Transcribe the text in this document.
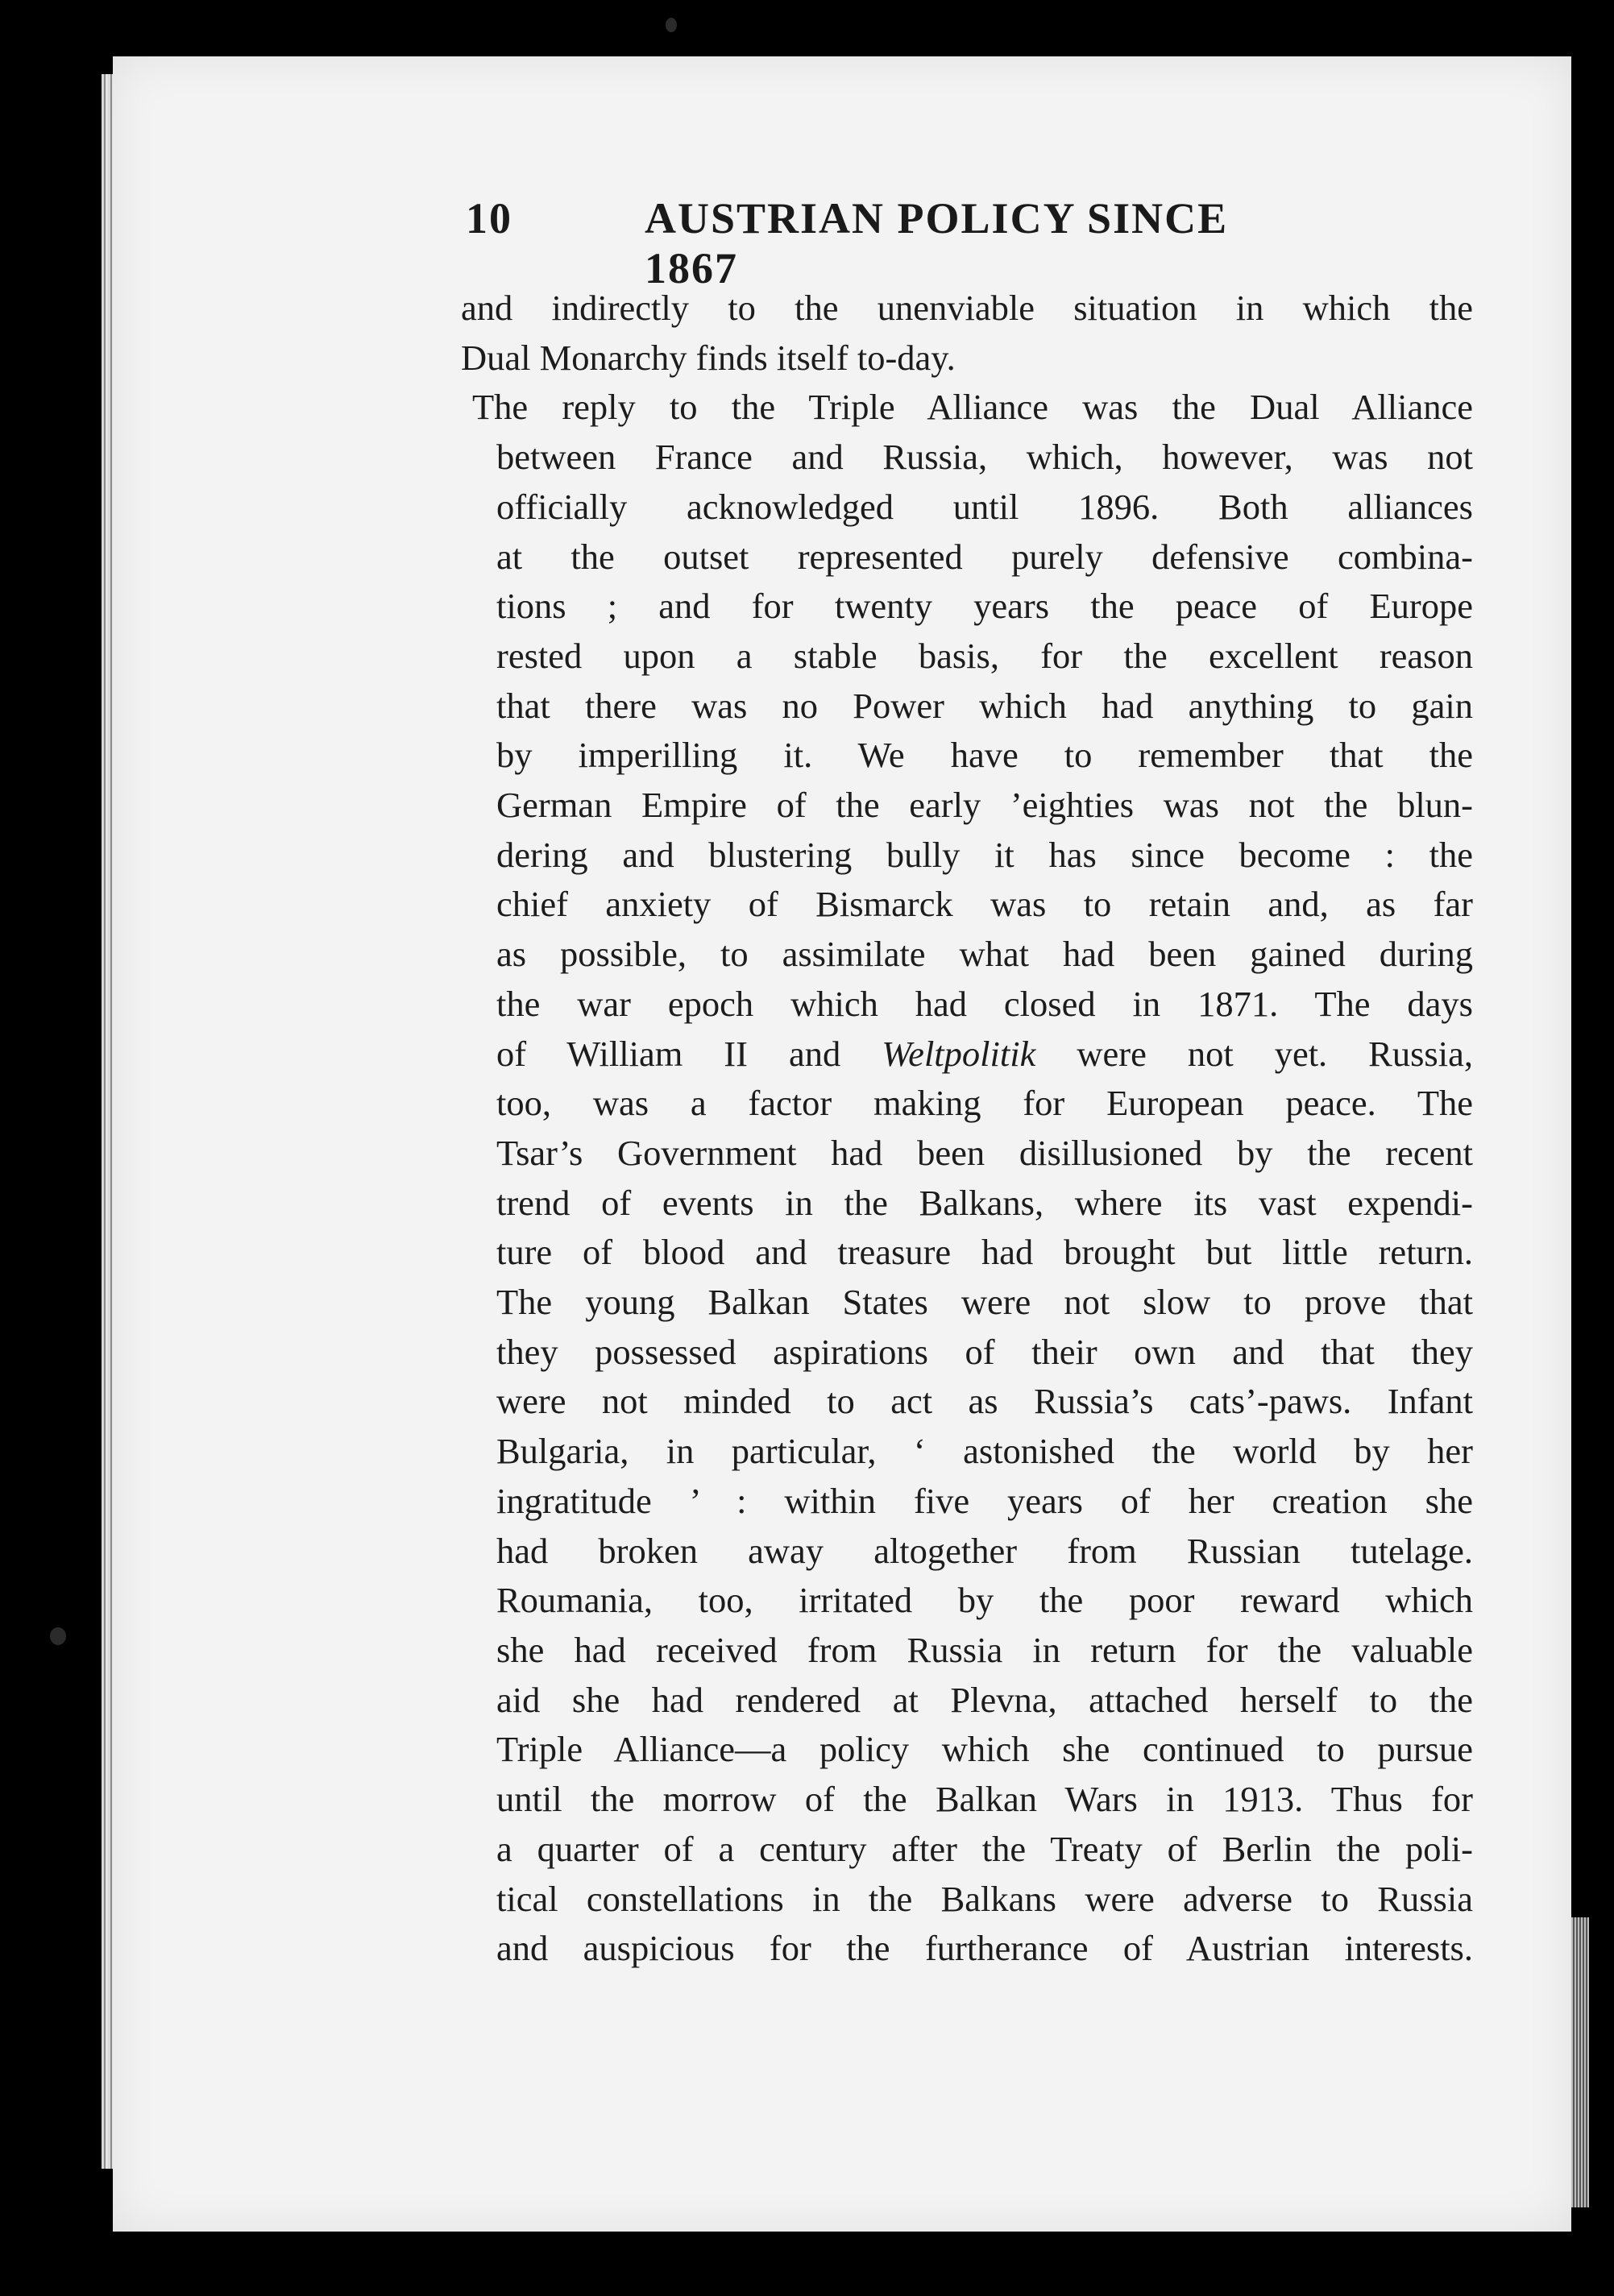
10	AUSTRIAN POLICY SINCE 1867

and indirectly to the unenviable situation in which the
Dual Monarchy finds itself to-day.

The reply to the Triple Alliance was the Dual Alliance
between France and Russia, which, however, was not
officially acknowledged until 1896. Both alliances
at the outset represented purely defensive combina-
tions ; and for twenty years the peace of Europe
rested upon a stable basis, for the excellent reason
that there was no Power which had anything to gain
by imperilling it. We have to remember that the
German Empire of the early ’eighties was not the blun-
dering and blustering bully it has since become : the
chief anxiety of Bismarck was to retain and, as far
as possible, to assimilate what had been gained during
the war epoch which had closed in 1871. The days
of William II and Weltpolitik were not yet. Russia,
too, was a factor making for European peace. The
Tsar’s Government had been disillusioned by the recent
trend of events in the Balkans, where its vast expendi-
ture of blood and treasure had brought but little return.
The young Balkan States were not slow to prove that
they possessed aspirations of their own and that they
were not minded to act as Russia’s cats’-paws. Infant
Bulgaria, in particular, ‘ astonished the world by her
ingratitude ’ : within five years of her creation she
had broken away altogether from Russian tutelage.
Roumania, too, irritated by the poor reward which
she had received from Russia in return for the valuable
aid she had rendered at Plevna, attached herself to the
Triple Alliance—a policy which she continued to pursue
until the morrow of the Balkan Wars in 1913. Thus for
a quarter of a century after the Treaty of Berlin the poli-
tical constellations in the Balkans were adverse to Russia
and auspicious for the furtherance of Austrian interests.
